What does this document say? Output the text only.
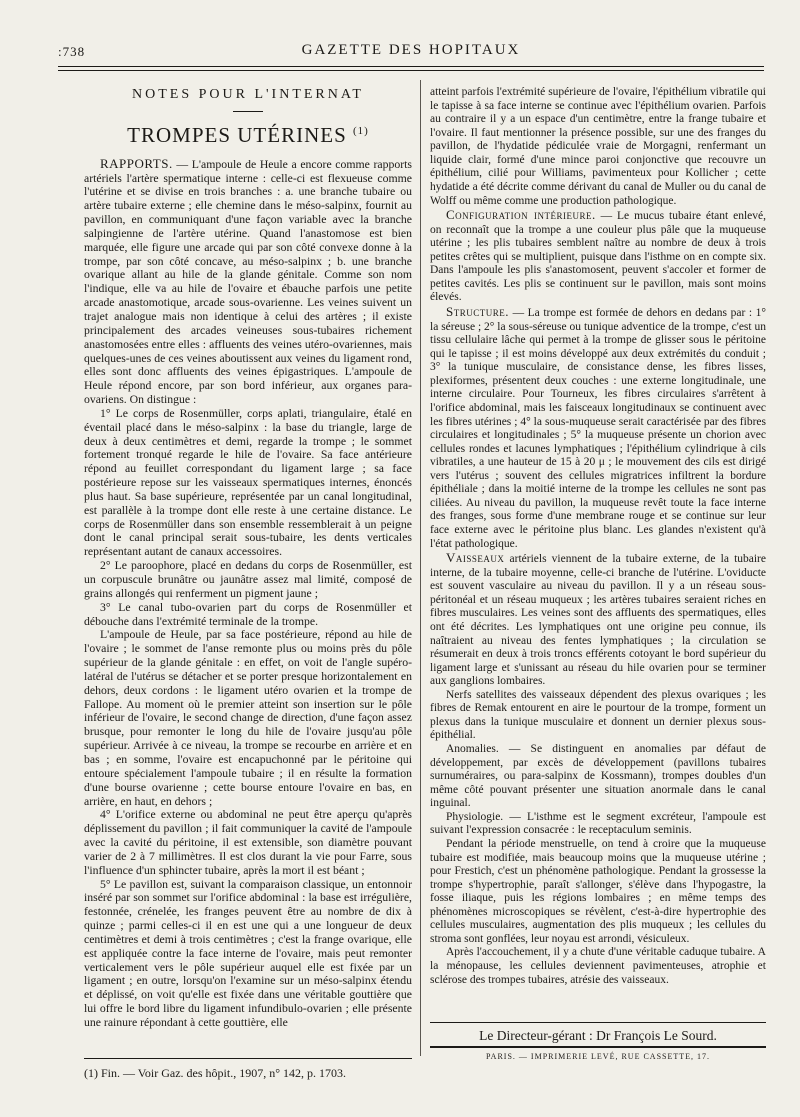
:738	GAZETTE DES HOPITAUX
NOTES POUR L'INTERNAT
TROMPES UTÉRINES $^{(1)}$

RAPPORTS. — L'ampoule de Heule a encore comme rapports artériels l'artère spermatique interne : celle-ci est flexueuse comme l'utérine et se divise en trois branches : a. une branche tubaire ou artère tubaire externe ; elle chemine dans le méso-salpinx, fournit au pavillon, en communiquant d'une façon variable avec la branche salpingienne de l'artère utérine. Quand l'anastomose est bien marquée, elle figure une arcade qui par son côté convexe donne à la trompe, par son côté concave, au méso-salpinx ; b. une branche ovarique allant au hile de la glande génitale. Comme son nom l'indique, elle va au hile de l'ovaire et ébauche parfois une petite arcade anastomotique, arcade sous-ovarienne. Les veines suivent un trajet analogue mais non identique à celui des artères ; il existe principalement des arcades veineuses sous-tubaires richement anastomosées entre elles : affluents des veines utéro-ovariennes, mais quelques-unes de ces veines aboutissent aux veines du ligament rond, elles sont donc affluents des veines épigastriques. L'ampoule de Heule répond encore, par son bord inférieur, aux organes para-ovariens. On distingue :

1° Le corps de Rosenmüller, corps aplati, triangulaire, étalé en éventail placé dans le méso-salpinx : la base du triangle, large de deux à deux centimètres et demi, regarde la trompe ; le sommet fortement tronqué regarde le hile de l'ovaire. Sa face antérieure répond au feuillet correspondant du ligament large ; sa face postérieure repose sur les vaisseaux spermatiques internes, énoncés plus haut. Sa base supérieure, représentée par un canal longitudinal, est parallèle à la trompe dont elle reste à une certaine distance. Le corps de Rosenmüller dans son ensemble ressemblerait à un peigne dont le canal principal serait sous-tubaire, les dents verticales représentant autant de canaux accessoires.

2° Le paroophore, placé en dedans du corps de Rosenmüller, est un corpuscule brunâtre ou jaunâtre assez mal limité, composé de grains allongés qui renferment un pigment jaune ;

3° Le canal tubo-ovarien part du corps de Rosenmüller et débouche dans l'extrémité terminale de la trompe.

L'ampoule de Heule, par sa face postérieure, répond au hile de l'ovaire ; le sommet de l'anse remonte plus ou moins près du pôle supérieur de la glande génitale : en effet, on voit de l'angle supéro-latéral de l'utérus se détacher et se porter presque horizontalement en dehors, deux cordons : le ligament utéro ovarien et la trompe de Fallope. Au moment où le premier atteint son insertion sur le pôle inférieur de l'ovaire, le second change de direction, d'une façon assez brusque, pour remonter le long du hile de l'ovaire jusqu'au pôle supérieur. Arrivée à ce niveau, la trompe se recourbe en arrière et en bas ; en somme, l'ovaire est encapuchonné par le péritoine qui entoure spécialement l'ampoule tubaire ; il en résulte la formation d'une bourse ovarienne ; cette bourse entoure l'ovaire en bas, en arrière, en haut, en dehors ;

4° L'orifice externe ou abdominal ne peut être aperçu qu'après déplissement du pavillon ; il fait communiquer la cavité de l'ampoule avec la cavité du péritoine, il est extensible, son diamètre pouvant varier de 2 à 7 millimètres. Il est clos durant la vie pour Farre, sous l'influence d'un sphincter tubaire, après la mort il est béant ;

5° Le pavillon est, suivant la comparaison classique, un entonnoir inséré par son sommet sur l'orifice abdominal : la base est irrégulière, festonnée, crénelée, les franges peuvent être au nombre de dix à quinze ; parmi celles-ci il en est une qui a une longueur de deux centimètres et demi à trois centimètres ; c'est la frange ovarique, elle est appliquée contre la face interne de l'ovaire, mais peut remonter verticalement vers le pôle supérieur auquel elle est fixée par un ligament ; en outre, lorsqu'on l'examine sur un méso-salpinx étendu et déplissé, on voit qu'elle est fixée dans une véritable gouttière que lui offre le bord libre du ligament infundibulo-ovarien ; elle présente une rainure répondant à cette gouttière, elle

atteint parfois l'extrémité supérieure de l'ovaire, l'épithélium vibratile qui le tapisse à sa face interne se continue avec l'épithélium ovarien. Parfois au contraire il y a un espace d'un centimètre, entre la frange tubaire et l'ovaire. Il faut mentionner la présence possible, sur une des franges du pavillon, de l'hydatide pédiculée vraie de Morgagni, renfermant un liquide clair, formé d'une mince paroi conjonctive que recouvre un épithélium, cilié pour Williams, pavimenteux pour Kollicher ; cette hydatide a été décrite comme dérivant du canal de Muller ou du canal de Wolff ou même comme une production pathologique.

Configuration intérieure. — Le mucus tubaire étant enlevé, on reconnaît que la trompe a une couleur plus pâle que la muqueuse utérine ; les plis tubaires semblent naître au nombre de deux à trois petites crêtes qui se multiplient, puisque dans l'isthme on en compte six. Dans l'ampoule les plis s'anastomosent, peuvent s'accoler et former de petites cavités. Les plis se continuent sur le pavillon, mais sont moins élevés.

Structure. — La trompe est formée de dehors en dedans par : 1° la séreuse ; 2° la sous-séreuse ou tunique adventice de la trompe, c'est un tissu cellulaire lâche qui permet à la trompe de glisser sous le péritoine qui le tapisse ; il est moins développé aux deux extrémités du conduit ; 3° la tunique musculaire, de consistance dense, les fibres lisses, plexiformes, présentent deux couches : une externe longitudinale, une interne circulaire. Pour Tourneux, les fibres circulaires s'arrêtent à l'orifice abdominal, mais les faisceaux longitudinaux se continuent avec les fibres utérines ; 4° la sous-muqueuse serait caractérisée par des fibres circulaires et longitudinales ; 5° la muqueuse présente un chorion avec cellules rondes et lacunes lymphatiques ; l'épithélium cylindrique à cils vibratiles, a une hauteur de 15 à 20 μ ; le mouvement des cils est dirigé vers l'utérus ; souvent des cellules migratrices infiltrent la bordure épithéliale ; dans la moitié interne de la trompe les cellules ne sont pas ciliées. Au niveau du pavillon, la muqueuse revêt toute la face interne des franges, sous forme d'une membrane rouge et se continue sur leur face externe avec le péritoine plus blanc. Les glandes n'existent qu'à l'état pathologique.

Vaisseaux artériels viennent de la tubaire externe, de la tubaire interne, de la tubaire moyenne, celle-ci branche de l'utérine. L'oviducte est souvent vasculaire au niveau du pavillon. Il y a un réseau sous-péritonéal et un réseau muqueux ; les artères tubaires seraient riches en fibres musculaires. Les veines sont des affluents des spermatiques, elles ont été décrites. Les lymphatiques ont une origine peu connue, ils naîtraient au niveau des fentes lymphatiques ; la circulation se résumerait en deux à trois troncs efférents cotoyant le bord supérieur du ligament large et s'unissant au réseau du hile ovarien pour se terminer aux ganglions lombaires.

Nerfs satellites des vaisseaux dépendent des plexus ovariques ; les fibres de Remak entourent en aire le pourtour de la trompe, forment un plexus dans la tunique musculaire et donnent un dernier plexus sous-épithélial.

Anomalies. — Se distinguent en anomalies par défaut de développement, par excès de développement (pavillons tubaires surnuméraires, ou para-salpinx de Kossmann), trompes doubles d'un même côté pouvant présenter une situation anormale dans le canal inguinal.

Physiologie. — L'isthme est le segment excréteur, l'ampoule est suivant l'expression consacrée : le receptaculum seminis.

Pendant la période menstruelle, on tend à croire que la muqueuse tubaire est modifiée, mais beaucoup moins que la muqueuse utérine ; pour Frestich, c'est un phénomène pathologique. Pendant la grossesse la trompe s'hypertrophie, paraît s'allonger, s'élève dans l'hypogastre, la fosse iliaque, puis les régions lombaires ; en même temps des phénomènes microscopiques se révèlent, c'est-à-dire hypertrophie des cellules musculaires, augmentation des plis muqueux ; les cellules du stroma sont gonflées, leur noyau est arrondi, vésiculeux.

Après l'accouchement, il y a chute d'une véritable caduque tubaire. A la ménopause, les cellules deviennent pavimenteuses, atrophie et sclérose des trompes tubaires, atrésie des vaisseaux.

(1) Fin. — Voir Gaz. des hôpit., 1907, n° 142, p. 1703.
Le Directeur-gérant : Dr François Le Sourd.
PARIS. — IMPRIMERIE LEVÉ, RUE CASSETTE, 17.
